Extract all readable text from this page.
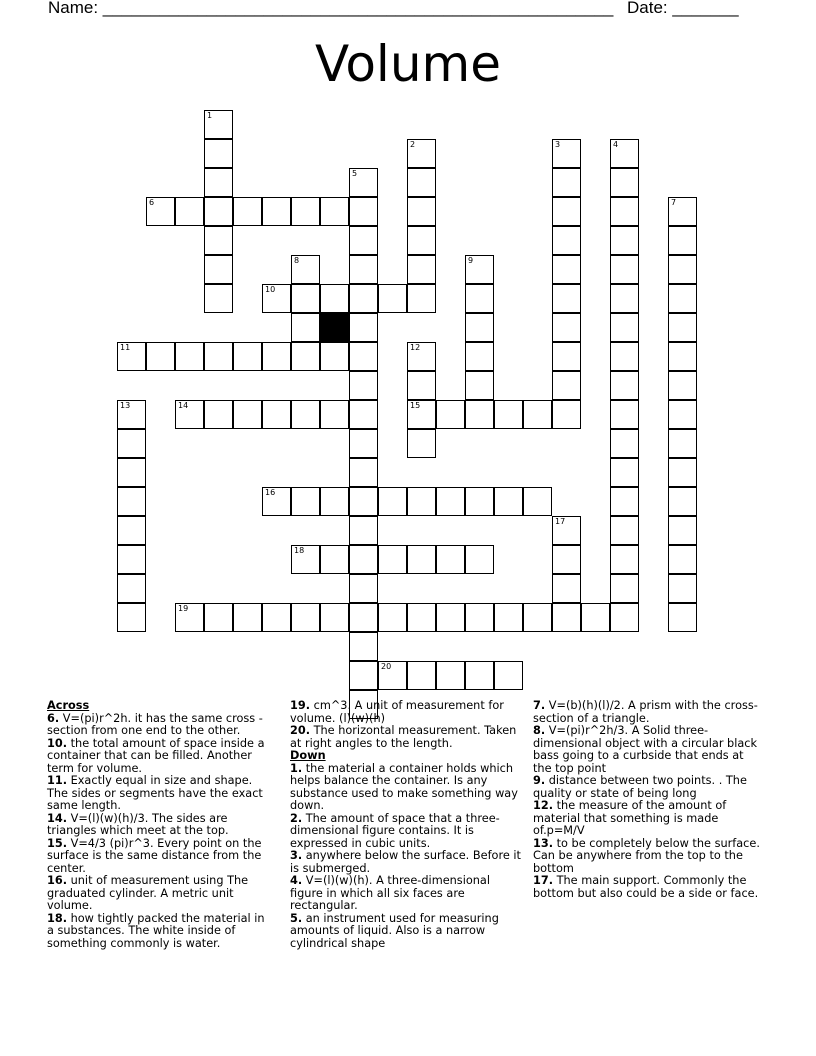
Name: ______________________________________________________ Date: _______
Volume
1
2	3	4
5
6	7
8	9
10
11	12
15
13	14
16
17
18
19
20
Across
6. V=(pi)r^2h. it has the same cross - section from one end to the other.
10. the total amount of space inside a container that can be filled. Another term for volume.
11. Exactly equal in size and shape. The sides or segments have the exact same length.
14. V=(l)(w)(h)/3. The sides are triangles which meet at the top.
15. V=4/3 (pi)r^3. Every point on the surface is the same distance from the center.
16. unit of measurement using The graduated cylinder. A metric unit volume.
18. how tightly packed the material in a substances. The white inside of something commonly is water.
19. cm^3. A unit of measurement for volume. (l)(w)(h)
20. The horizontal measurement. Taken at right angles to the length.
Down
1. the material a container holds which helps balance the container. Is any substance used to make something way down.
2. The amount of space that a three-dimensional figure contains. It is expressed in cubic units.
3. anywhere below the surface. Before it is submerged.
4. V=(l)(w)(h). A three-dimensional figure in which all six faces are rectangular.
5. an instrument used for measuring amounts of liquid. Also is a narrow cylindrical shape
7. V=(b)(h)(l)/2. A prism with the cross-section of a triangle.
8. V=(pi)r^2h/3. A Solid three-dimensional object with a circular black bass going to a curbside that ends at the top point
9. distance between two points. . The quality or state of being long
12. the measure of the amount of material that something is made of.p=M/V
13. to be completely below the surface. Can be anywhere from the top to the bottom
17. The main support. Commonly the bottom but also could be a side or face.
